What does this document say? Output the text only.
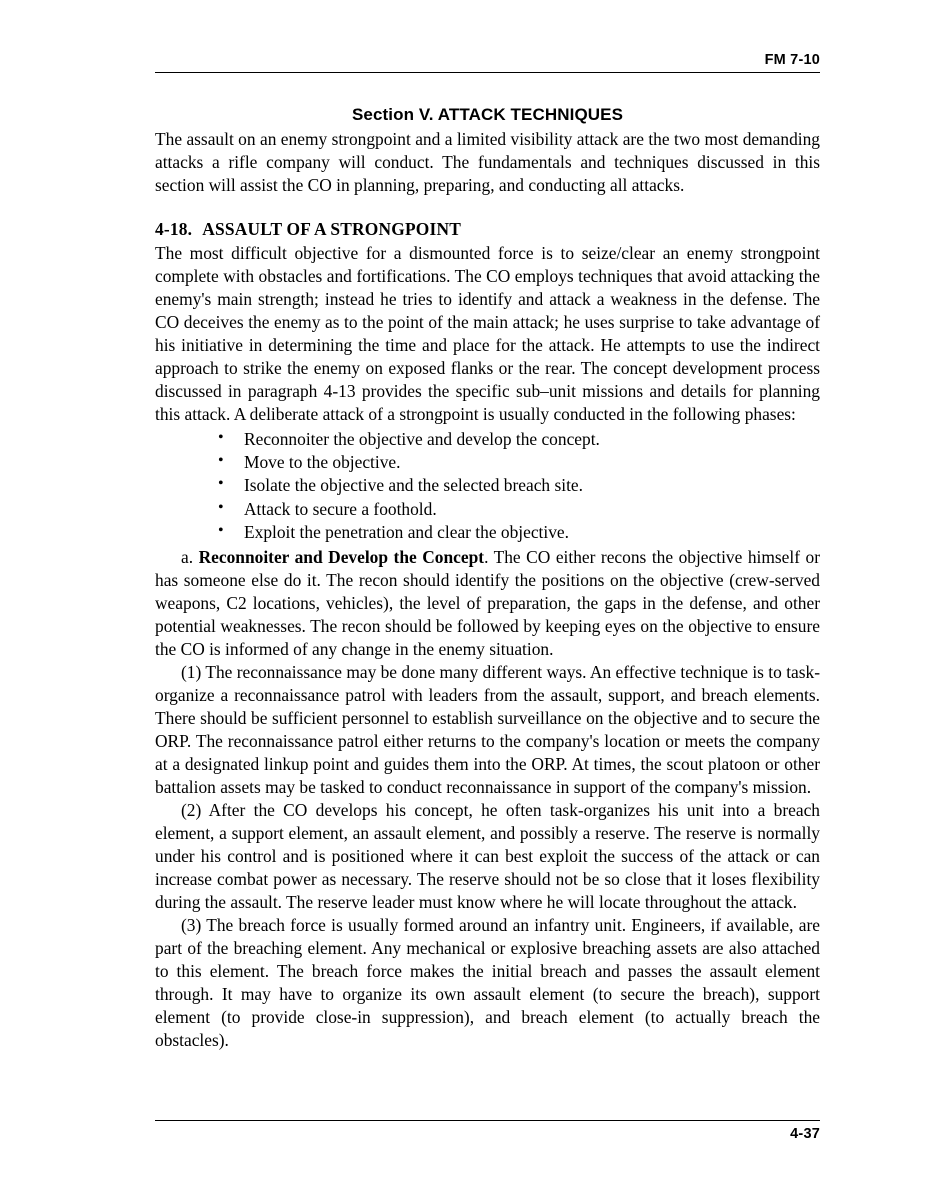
FM 7-10
Section V. ATTACK TECHNIQUES

The assault on an enemy strongpoint and a limited visibility attack are the two most demanding attacks a rifle company will conduct. The fundamentals and techniques discussed in this section will assist the CO in planning, preparing, and conducting all attacks.

4-18. ASSAULT OF A STRONGPOINT

The most difficult objective for a dismounted force is to seize/clear an enemy strongpoint complete with obstacles and fortifications. The CO employs techniques that avoid attacking the enemy's main strength; instead he tries to identify and attack a weakness in the defense. The CO deceives the enemy as to the point of the main attack; he uses surprise to take advantage of his initiative in determining the time and place for the attack. He attempts to use the indirect approach to strike the enemy on exposed flanks or the rear. The concept development process discussed in paragraph 4-13 provides the specific sub–unit missions and details for planning this attack. A deliberate attack of a strongpoint is usually conducted in the following phases:

• Reconnoiter the objective and develop the concept.
• Move to the objective.
• Isolate the objective and the selected breach site.
• Attack to secure a foothold.
• Exploit the penetration and clear the objective.

a. Reconnoiter and Develop the Concept. The CO either recons the objective himself or has someone else do it. The recon should identify the positions on the objective (crew-served weapons, C2 locations, vehicles), the level of preparation, the gaps in the defense, and other potential weaknesses. The recon should be followed by keeping eyes on the objective to ensure the CO is informed of any change in the enemy situation.

(1) The reconnaissance may be done many different ways. An effective technique is to task-organize a reconnaissance patrol with leaders from the assault, support, and breach elements. There should be sufficient personnel to establish surveillance on the objective and to secure the ORP. The reconnaissance patrol either returns to the company's location or meets the company at a designated linkup point and guides them into the ORP. At times, the scout platoon or other battalion assets may be tasked to conduct reconnaissance in support of the company's mission.

(2) After the CO develops his concept, he often task-organizes his unit into a breach element, a support element, an assault element, and possibly a reserve. The reserve is normally under his control and is positioned where it can best exploit the success of the attack or can increase combat power as necessary. The reserve should not be so close that it loses flexibility during the assault. The reserve leader must know where he will locate throughout the attack.

(3) The breach force is usually formed around an infantry unit. Engineers, if available, are part of the breaching element. Any mechanical or explosive breaching assets are also attached to this element. The breach force makes the initial breach and passes the assault element through. It may have to organize its own assault element (to secure the breach), support element (to provide close-in suppression), and breach element (to actually breach the obstacles).

4-37
